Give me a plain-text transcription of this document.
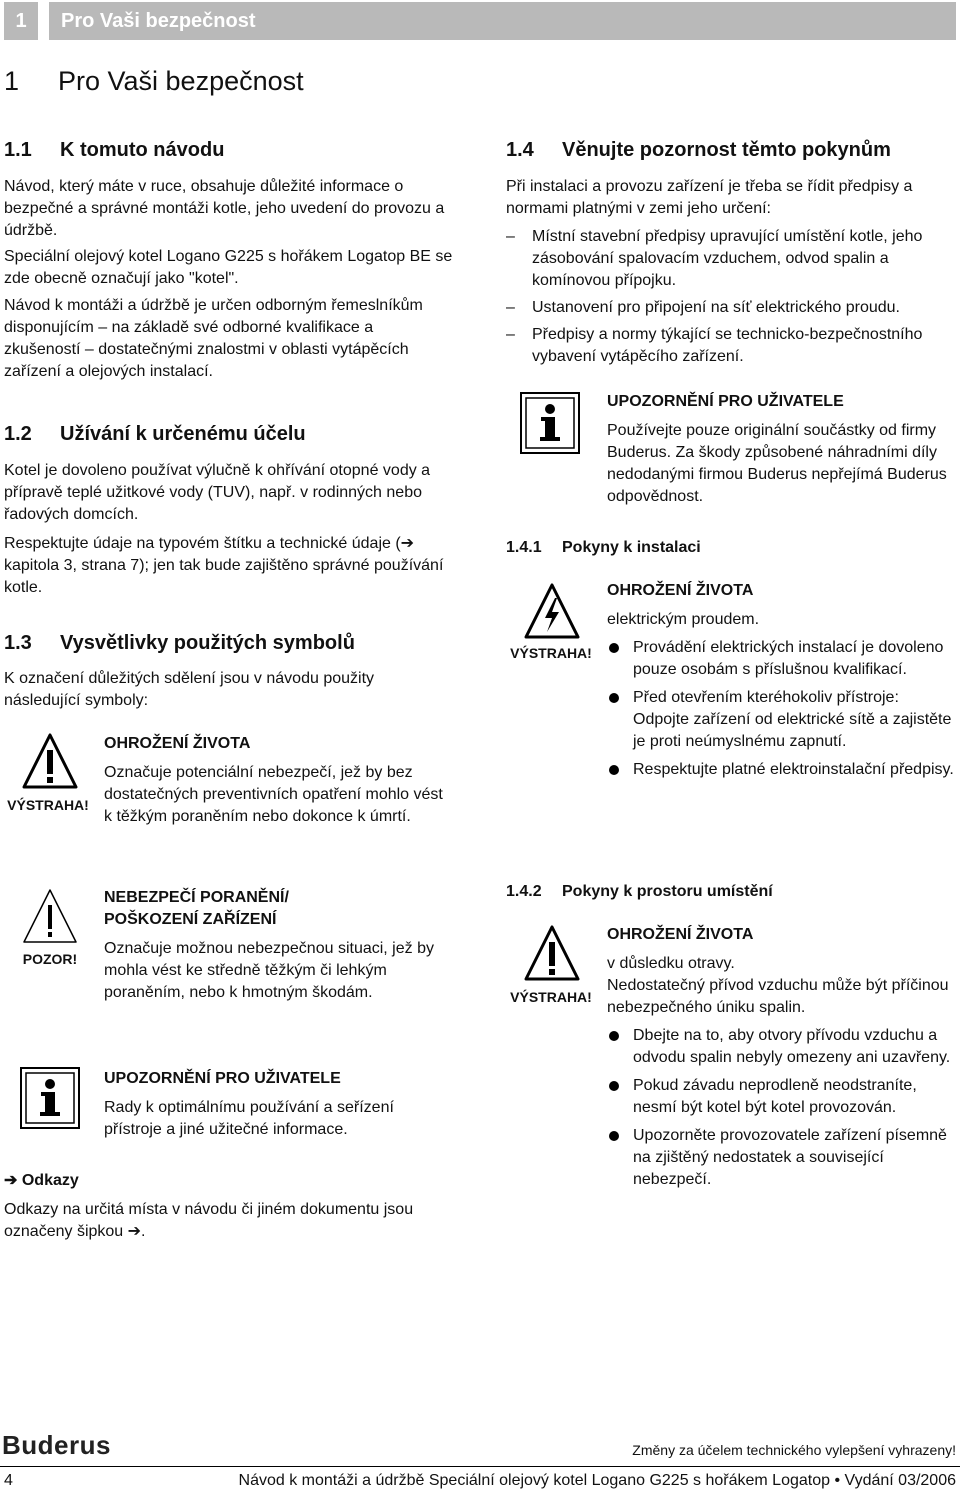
1	Pro Vaši bezpečnost
1 Pro Vaši bezpečnost
1.1 K tomuto návodu

Návod, který máte v ruce, obsahuje důležité informace o bezpečné a správné montáži kotle, jeho uvedení do provozu a údržbě.

Speciální olejový kotel Logano G225 s hořákem Logatop BE se zde obecně označují jako "kotel".

Návod k montáži a údržbě je určen odborným řemeslníkům disponujícím – na základě své odborné kvalifikace a zkušeností – dostatečnými znalostmi v oblasti vytápěcích zařízení a olejových instalací.

1.2 Užívání k určenému účelu

Kotel je dovoleno používat výlučně k ohřívání otopné vody a přípravě teplé užitkové vody (TUV), např. v rodinných nebo řadových domcích.

Respektujte údaje na typovém štítku a technické údaje (➔ kapitola 3, strana 7); jen tak bude zajištěno správné používání kotle.

1.3 Vysvětlivky použitých symbolů

K označení důležitých sdělení jsou v návodu použity následující symboly:

VÝSTRAHA!
OHROŽENÍ ŽIVOTA

Označuje potenciální nebezpečí, jež by bez dostatečných preventivních opatření mohlo vést k těžkým poraněním nebo dokonce k úmrtí.

POZOR!
NEBEZPEČÍ PORANĚNÍ/ POŠKOZENÍ ZAŘÍZENÍ

Označuje možnou nebezpečnou situaci, jež by mohla vést ke středně těžkým či lehkým poraněním, nebo k hmotným škodám.

UPOZORNĚNÍ PRO UŽIVATELE

Rady k optimálnímu používání a seřízení přístroje a jiné užitečné informace.

➔ Odkazy

Odkazy na určitá místa v návodu či jiném dokumentu jsou označeny šipkou ➔.

1.4 Věnujte pozornost těmto pokynům

Při instalaci a provozu zařízení je třeba se řídit předpisy a normami platnými v zemi jeho určení:

– Místní stavební předpisy upravující umístění kotle, jeho zásobování spalovacím vzduchem, odvod spalin a komínovou přípojku.
– Ustanovení pro připojení na síť elektrického proudu.
– Předpisy a normy týkající se technicko-bezpečnostního vybavení vytápěcího zařízení.
UPOZORNĚNÍ PRO UŽIVATELE

Používejte pouze originální součástky od firmy Buderus. Za škody způsobené náhradními díly nedodanými firmou Buderus nepřejímá Buderus odpovědnost.

1.4.1 Pokyny k instalaci
VÝSTRAHA!
OHROŽENÍ ŽIVOTA

elektrickým proudem.

Provádění elektrických instalací je dovoleno pouze osobám s příslušnou kvalifikací.
Před otevřením kteréhokoliv přístroje: Odpojte zařízení od elektrické sítě a zajistěte je proti neúmyslnému zapnutí.
Respektujte platné elektroinstalační předpisy.
1.4.2 Pokyny k prostoru umístění
VÝSTRAHA!
OHROŽENÍ ŽIVOTA

v důsledku otravy.

Nedostatečný přívod vzduchu může být příčinou nebezpečného úniku spalin.

Dbejte na to, aby otvory přívodu vzduchu a odvodu spalin nebyly omezeny ani uzavřeny.
Pokud závadu neprodleně neodstraníte, nesmí být kotel být kotel provozován.
Upozorněte provozovatele zařízení písemně na zjištěný nedostatek a související nebezpečí.
Buderus	Změny za účelem technického vylepšení vyhrazeny!
4	Návod k montáži a údržbě Speciální olejový kotel Logano G225 s hořákem Logatop • Vydání 03/2006
